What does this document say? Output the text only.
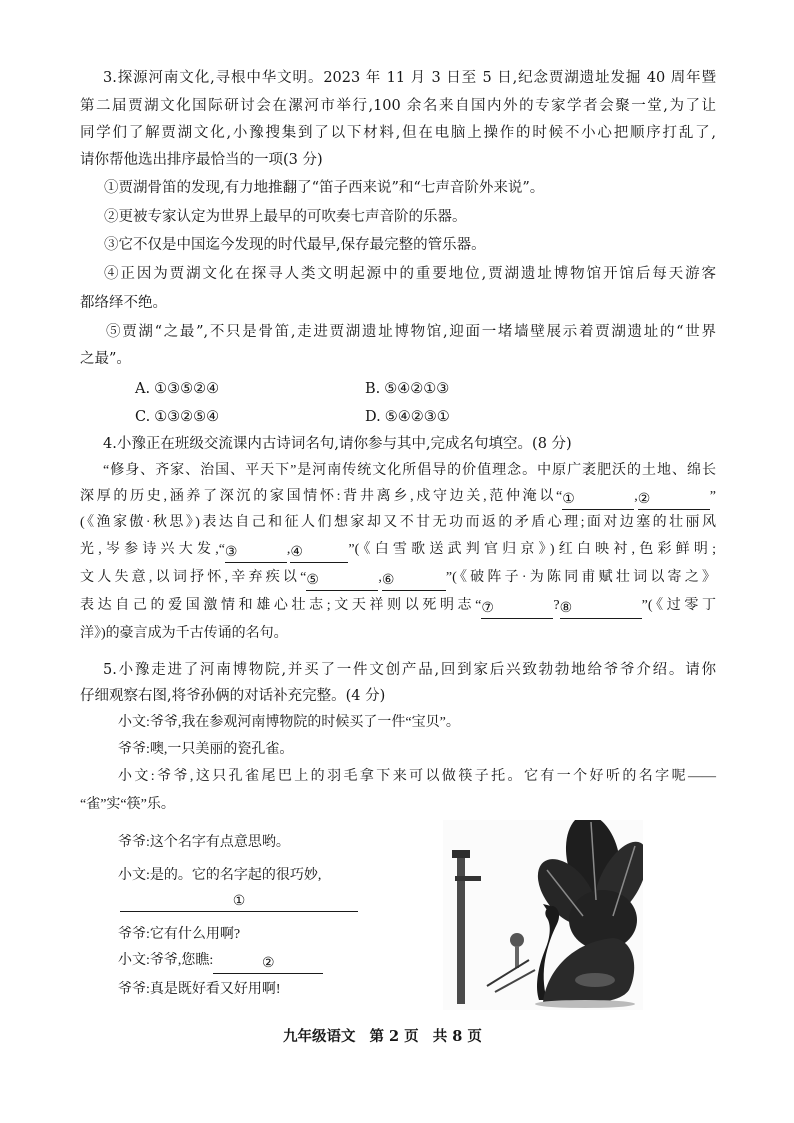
3.探源河南文化,寻根中华文明。2023 年 11 月 3 日至 5 日,纪念贾湖遗址发掘 40 周年暨
第二届贾湖文化国际研讨会在漯河市举行,100 余名来自国内外的专家学者会聚一堂,为了让
同学们了解贾湖文化,小豫搜集到了以下材料,但在电脑上操作的时候不小心把顺序打乱了,
请你帮他选出排序最恰当的一项(3 分)
①贾湖骨笛的发现,有力地推翻了“笛子西来说”和“七声音阶外来说”。
②更被专家认定为世界上最早的可吹奏七声音阶的乐器。
③它不仅是中国迄今发现的时代最早,保存最完整的管乐器。
④正因为贾湖文化在探寻人类文明起源中的重要地位,贾湖遗址博物馆开馆后每天游客
都络绎不绝。
⑤贾湖“之最”,不只是骨笛,走进贾湖遗址博物馆,迎面一堵墙壁展示着贾湖遗址的“世界
之最”。
A. ①③⑤②④	B. ⑤④②①③
C. ①③②⑤④	D. ⑤④②③①
4.小豫正在班级交流课内古诗词名句,请你参与其中,完成名句填空。(8 分)
“修身、齐家、治国、平天下”是河南传统文化所倡导的价值理念。中原广袤肥沃的土地、绵长
深厚的历史,涵养了深沉的家国情怀:背井离乡,戍守边关,范仲淹以“①	,②	”
(《渔家傲·秋思》)表达自己和征人们想家却又不甘无功而返的矛盾心理;面对边塞的壮丽风
光,岑参诗兴大发,“③	,④	”(《白雪歌送武判官归京》)红白映衬,色彩鲜明;
文人失意,以词抒怀,辛弃疾以“⑤	,⑥	”(《破阵子·为陈同甫赋壮词以寄之》
表达自己的爱国激情和雄心壮志;文天祥则以死明志“⑦	?⑧	”(《过零丁
洋》)的豪言成为千古传诵的名句。
5.小豫走进了河南博物院,并买了一件文创产品,回到家后兴致勃勃地给爷爷介绍。请你
仔细观察右图,将爷孙俩的对话补充完整。(4 分)
小文:爷爷,我在参观河南博物院的时候买了一件“宝贝”。
爷爷:噢,一只美丽的瓷孔雀。
小文:爷爷,这只孔雀尾巴上的羽毛拿下来可以做筷子托。它有一个好听的名字呢——
“雀”实“筷”乐。
爷爷:这个名字有点意思哟。
小文:是的。它的名字起的很巧妙,
①
爷爷:它有什么用啊?
小文:爷爷,您瞧:	②
爷爷:真是既好看又好用啊!
九年级语文 第 2 页 共 8 页
